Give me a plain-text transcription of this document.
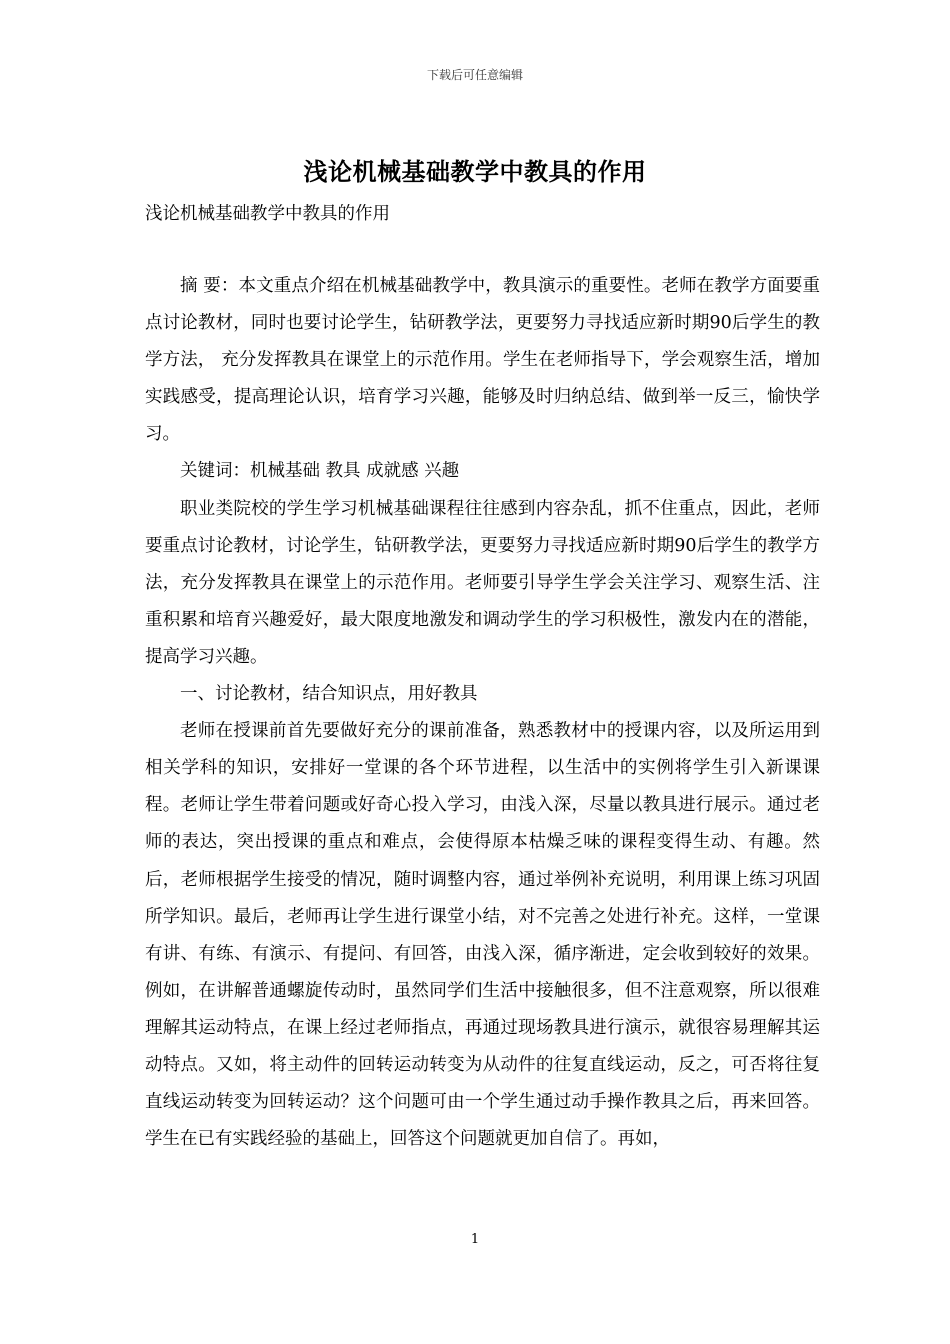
下载后可任意编辑
浅论机械基础教学中教具的作用
浅论机械基础教学中教具的作用

摘 要：本文重点介绍在机械基础教学中，教具演示的重要性。老师在教学方面要重点讨论教材，同时也要讨论学生，钻研教学法，更要努力寻找适应新时期90后学生的教学方法， 充分发挥教具在课堂上的示范作用。学生在老师指导下，学会观察生活，增加实践感受，提高理论认识，培育学习兴趣，能够及时归纳总结、做到举一反三，愉快学习。

关键词：机械基础 教具 成就感 兴趣

职业类院校的学生学习机械基础课程往往感到内容杂乱，抓不住重点，因此，老师要重点讨论教材，讨论学生，钻研教学法，更要努力寻找适应新时期90后学生的教学方法，充分发挥教具在课堂上的示范作用。老师要引导学生学会关注学习、观察生活、注重积累和培育兴趣爱好，最大限度地激发和调动学生的学习积极性，激发内在的潜能，提高学习兴趣。

一、讨论教材，结合知识点，用好教具

老师在授课前首先要做好充分的课前准备，熟悉教材中的授课内容，以及所运用到相关学科的知识，安排好一堂课的各个环节进程，以生活中的实例将学生引入新课课程。老师让学生带着问题或好奇心投入学习，由浅入深，尽量以教具进行展示。通过老师的表达，突出授课的重点和难点，会使得原本枯燥乏味的课程变得生动、有趣。然后，老师根据学生接受的情况，随时调整内容，通过举例补充说明，利用课上练习巩固所学知识。最后，老师再让学生进行课堂小结，对不完善之处进行补充。这样，一堂课有讲、有练、有演示、有提问、有回答，由浅入深，循序渐进，定会收到较好的效果。例如，在讲解普通螺旋传动时，虽然同学们生活中接触很多，但不注意观察，所以很难理解其运动特点，在课上经过老师指点，再通过现场教具进行演示，就很容易理解其运动特点。又如，将主动件的回转运动转变为从动件的往复直线运动，反之，可否将往复直线运动转变为回转运动？这个问题可由一个学生通过动手操作教具之后，再来回答。学生在已有实践经验的基础上，回答这个问题就更加自信了。再如，

1
